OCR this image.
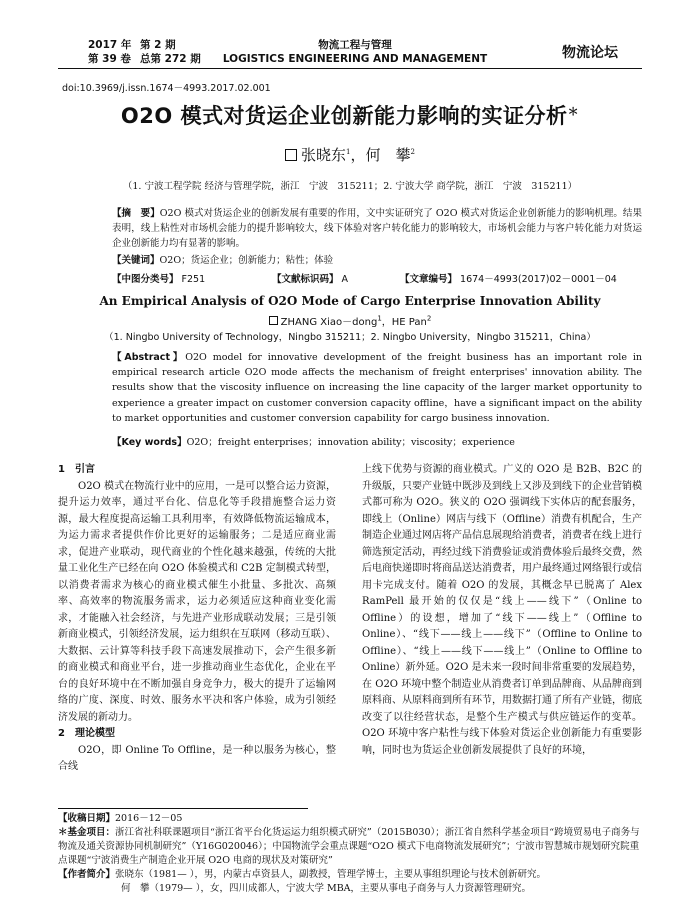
2017 年 第 2 期
第 39 卷 总第 272 期
物流工程与管理
LOGISTICS ENGINEERING AND MANAGEMENT	物流论坛
doi:10.3969/j.issn.1674－4993.2017.02.001
O2O 模式对货运企业创新能力影响的实证分析＊
张晓东$^1$，何　攀$^2$
（1. 宁波工程学院 经济与管理学院，浙江　宁波　315211；2. 宁波大学 商学院，浙江　宁波　315211）
【摘　要】O2O 模式对货运企业的创新发展有重要的作用，文中实证研究了 O2O 模式对货运企业创新能力的影响机理。结果表明，线上粘性对市场机会能力的提升影响较大，线下体验对客户转化能力的影响较大，市场机会能力与客户转化能力对货运企业创新能力均有显著的影响。
【关键词】O2O；货运企业；创新能力；粘性；体验
【中图分类号】 F251	【文献标识码】 A	【文章编号】 1674－4993(2017)02－0001－04
An Empirical Analysis of O2O Mode of Cargo Enterprise Innovation Ability
ZHANG Xiao－dong$^1$，HE Pan$^2$
（1. Ningbo University of Technology，Ningbo 315211；2. Ningbo University，Ningbo 315211，China）
【Abstract】O2O model for innovative development of the freight business has an important role in empirical research article O2O mode affects the mechanism of freight enterprises' innovation ability. The results show that the viscosity influence on increasing the line capacity of the larger market opportunity to experience a greater impact on customer conversion capacity offline，have a significant impact on the ability to market opportunities and customer conversion capability for cargo business innovation.
【Key words】O2O；freight enterprises；innovation ability；viscosity；experience
1　引言

O2O 模式在物流行业中的应用，一是可以整合运力资源，提升运力效率，通过平台化、信息化等手段措施整合运力资源，最大程度提高运输工具利用率，有效降低物流运输成本，为运力需求者提供作价比更好的运输服务；二是适应商业需求，促进产业联动，现代商业的个性化越来越强，传统的大批量工业化生产已经在向 O2O 体验模式和 C2B 定制模式转型，以消费者需求为核心的商业模式催生小批量、多批次、高频率、高效率的物流服务需求，运力必须适应这种商业变化需求，才能融入社会经济，与先进产业形成联动发展；三是引领新商业模式，引领经济发展，运力组织在互联网（移动互联）、大数据、云计算等科技手段下高速发展推动下，会产生很多新的商业模式和商业平台，进一步推动商业生态优化，企业在平台的良好环境中在不断加强自身竞争力，极大的提升了运输网络的广度、深度、时效、服务水平决和客户体验，成为引领经济发展的新动力。

2　理论模型

O2O，即 Online To Offline，是一种以服务为核心，整合线

上线下优势与资源的商业模式。广义的 O2O 是 B2B、B2C 的升级版，只要产业链中既涉及到线上又涉及到线下的企业营销模式都可称为 O2O。狭义的 O2O 强调线下实体店的配套服务，即线上（Online）网店与线下（Offline）消费有机配合，生产制造企业通过网店将产品信息展现给消费者，消费者在线上进行筛选预定活动，再经过线下消费验证或消费体验后最终交费，然后电商快递即时将商品送达消费者，用户最终通过网络银行或信用卡完成支付。随着 O2O 的发展，其概念早已脱离了 Alex RamPell 最开始的仅仅是“线上——线下”（Online to Offline）的设想，增加了“线下——线上”（Offline to Online）、“线下——线上——线下”（Offline to Online to Offline）、“线上——线下——线上”（Online to Offline to Online）新外延。O2O 是未来一段时间非常重要的发展趋势，在 O2O 环境中整个制造业从消费者订单到品牌商、从品牌商到原料商、从原料商到所有环节，用数据打通了所有产业链，彻底改变了以往经营状态，是整个生产模式与供应链运作的变革。O2O 环境中客户粘性与线下体验对货运企业创新能力有重要影响，同时也为货运企业创新发展提供了良好的环境，

【收稿日期】2016－12－05
＊基金项目：浙江省社科联课题项目“浙江省平台化货运运力组织模式研究”（2015B030）；浙江省自然科学基金项目“跨境贸易电子商务与物流及通关资源协同机制研究”（Y16G020046）；中国物流学会重点课题“O2O 模式下电商物流发展研究”；宁波市智慧城市规划研究院重点课题“宁波消费生产制造企业开展 O2O 电商的现状及对策研究”
【作者简介】张晓东（1981— ），男，内蒙古卓资县人，副教授，管理学博士，主要从事组织理论与技术创新研究。
何　攀（1979— ），女，四川成都人，宁波大学 MBA，主要从事电子商务与人力资源管理研究。
